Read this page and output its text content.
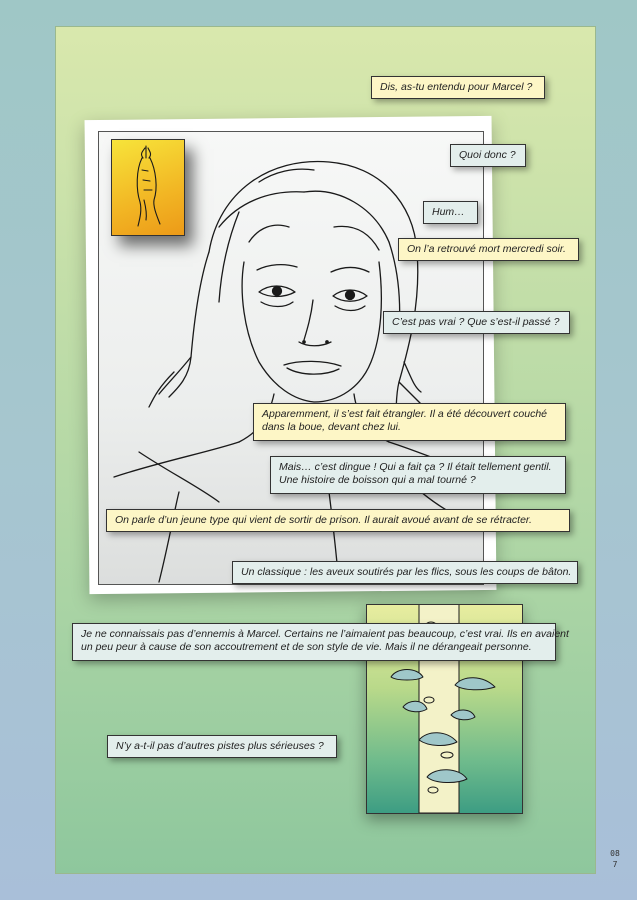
Dis, as-tu entendu pour Marcel ?
Quoi donc ?
Hum…
On l’a retrouvé mort mercredi soir.
C’est pas vrai ? Que s’est-il passé ?
Apparemment, il s’est fait étrangler. Il a été découvert couché
dans la boue, devant chez lui.
Mais… c’est dingue ! Qui a fait ça ? Il était tellement gentil.
Une histoire de boisson qui a mal tourné ?
On parle d’un jeune type qui vient de sortir de prison. Il aurait avoué avant de se rétracter.
Un classique : les aveux soutirés par les flics, sous les coups de bâton.
Je ne connaissais pas d’ennemis à Marcel. Certains ne l’aimaient pas beaucoup, c’est vrai. Ils en avaient
un peu peur à cause de son accoutrement et de son style de vie. Mais il ne dérangeait personne.
N’y a-t-il pas d’autres pistes plus sérieuses ?
087
